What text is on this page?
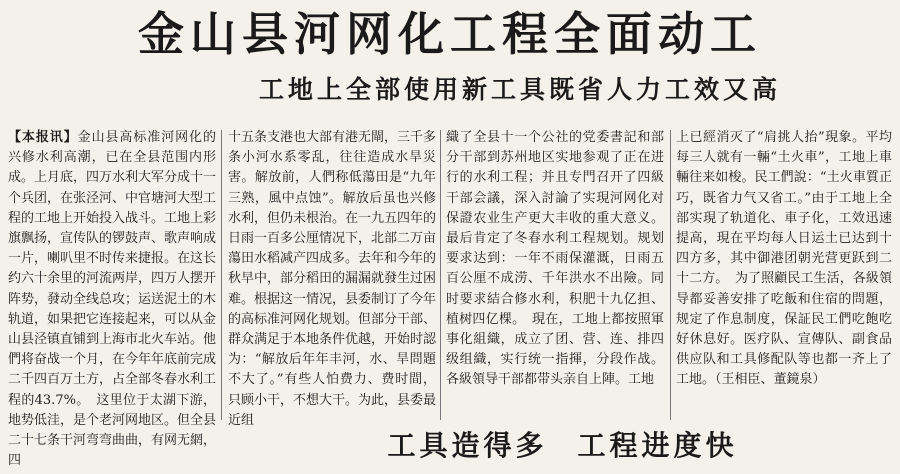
金山县河网化工程全面动工
工地上全部使用新工具既省人力工效又高

【本报讯】金山县高标准河网化的兴修水利高潮，已在全县范围内形成。上月底，四万水利大军分成十一个兵团，在张泾河、中官塘河大型工程的工地上开始投入战斗。工地上彩旗飘扬，宣传队的锣鼓声、歌声响成一片，喇叭里不时传来捷报。在这长约六十余里的河流两岸，四万人摆开阵势，發动全线总攻；运送泥土的木轨道，如果把它连接起来，可以从金山县泾镇直铺到上海市北火车站。他們将奋战一个月，在今年年底前完成二千四百万土方，占全部冬春水利工程的43.7%。　这里位于太湖下游，地势低洼，是个老河网地区。但全县二十七条干河弯弯曲曲，有网无網，四

十五条支港也大部有港无閘，三千多条小河水系零乱，往往造成水旱災害。解放前，人們称低蕩田是“九年三熟，風中点蚀”。解放后虽也兴修水利，但仍未根治。在一九五四年的日雨一百多公厘情况下，北部二万亩蕩田水稻减产四成多。去年和今年的秋早中，部分稻田的漏漏就發生过困难。根据这一情况，县委制订了今年的高标准河网化规划。但部分干部、群众满足于本地条件优越，开始时認为：“解放后年年丰河，水、旱問題不大了。”有些人怕费力、费时間，只顾小干，不想大干。为此，县委最近组

織了全县十一个公社的党委書記和部分干部到苏州地区实地参观了正在进行的水利工程；并且专門召开了四級干部会議，深入討論了实現河网化对保證农业生产更大丰收的重大意义。最后肯定了冬春水利工程规划。规划要求达到：一年不雨保灌溉，日雨五百公厘不成涝、千年洪水不出險。同时要求結合修水利，积肥十九亿担、植树四亿棵。　現在，工地上都按照軍事化組織，成立了团、营、连、排四级组織，实行统一指揮，分段作战。各級領导干部都带头亲自上陣。工地

上已經消灭了“肩挑人抬”現象。平均每三人就有一輛“土火車”，工地上車輛往来如梭。民工們說：“土火車質正巧，既省力气又省工。”由于工地上全部实現了轨道化、車子化，工效迅速提高，現在平均每人日运土已达到十四方多，其中御港团朝光营更跃到二十二方。　为了照顧民工生活，各級領导都妥善安排了吃飯和住宿的問題，规定了作息制度，保証民工們吃飽吃好休息好。医疗队、宣傳队、副食品供应队和工具修配队等也都一齐上了工地。（王相臣、董鏡泉）

工具造得多 工程进度快
